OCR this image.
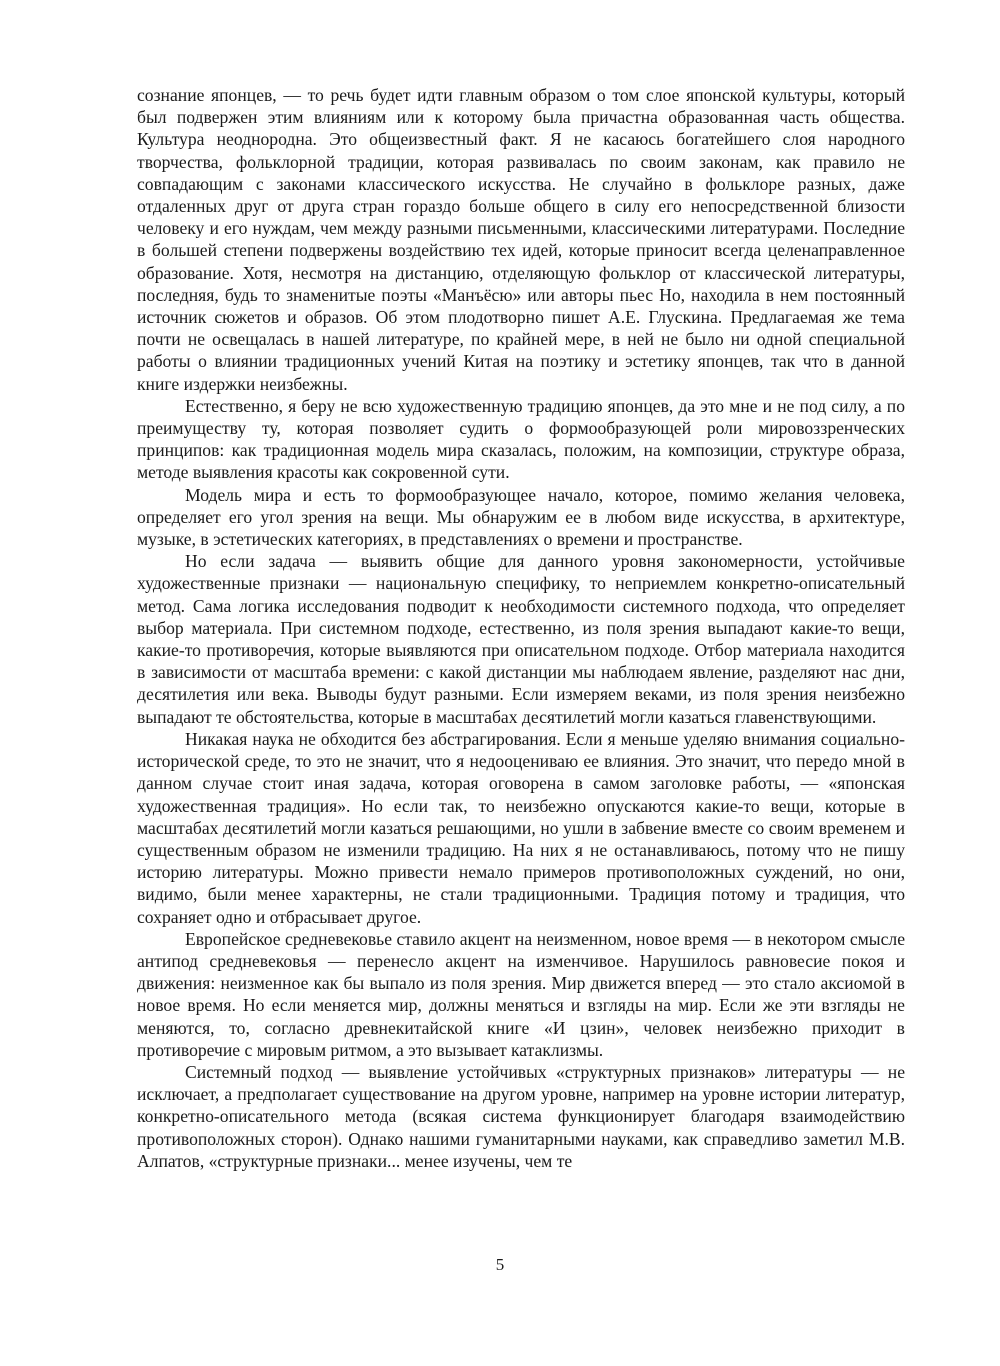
сознание японцев, — то речь будет идти главным образом о том слое японской культуры, который был подвержен этим влияниям или к которому была причастна образованная часть общества. Культура неоднородна. Это общеизвестный факт. Я не касаюсь богатейшего слоя народного творчества, фольклорной традиции, которая развивалась по своим законам, как правило не совпадающим с законами классического искусства. Не случайно в фольклоре разных, даже отдаленных друг от друга стран гораздо больше общего в силу его непосредственной близости человеку и его нуждам, чем между разными письменными, классическими литературами. Последние в большей степени подвержены воздействию тех идей, которые приносит всегда целенаправленное образование. Хотя, несмотря на дистанцию, отделяющую фольклор от классической литературы, последняя, будь то знаменитые поэты «Манъёсю» или авторы пьес Но, находила в нем постоянный источник сюжетов и образов. Об этом плодотворно пишет А.Е. Глускина. Предлагаемая же тема почти не освещалась в нашей литературе, по крайней мере, в ней не было ни одной специальной работы о влиянии традиционных учений Китая на поэтику и эстетику японцев, так что в данной книге издержки неизбежны.

Естественно, я беру не всю художественную традицию японцев, да это мне и не под силу, а по преимуществу ту, которая позволяет судить о формообразующей роли мировоззренческих принципов: как традиционная модель мира сказалась, положим, на композиции, структуре образа, методе выявления красоты как сокровенной сути.

Модель мира и есть то формообразующее начало, которое, помимо желания человека, определяет его угол зрения на вещи. Мы обнаружим ее в любом виде искусства, в архитектуре, музыке, в эстетических категориях, в представлениях о времени и пространстве.

Но если задача — выявить общие для данного уровня закономерности, устойчивые художественные признаки — национальную специфику, то неприемлем конкретно-описательный метод. Сама логика исследования подводит к необходимости системного подхода, что определяет выбор материала. При системном подходе, естественно, из поля зрения выпадают какие-то вещи, какие-то противоречия, которые выявляются при описательном подходе. Отбор материала находится в зависимости от масштаба времени: с какой дистанции мы наблюдаем явление, разделяют нас дни, десятилетия или века. Выводы будут разными. Если измеряем веками, из поля зрения неизбежно выпадают те обстоятельства, которые в масштабах десятилетий могли казаться главенствующими.

Никакая наука не обходится без абстрагирования. Если я меньше уделяю внимания социально-исторической среде, то это не значит, что я недооцениваю ее влияния. Это значит, что передо мной в данном случае стоит иная задача, которая оговорена в самом заголовке работы, — «японская художественная традиция». Но если так, то неизбежно опускаются какие-то вещи, которые в масштабах десятилетий могли казаться решающими, но ушли в забвение вместе со своим временем и существенным образом не изменили традицию. На них я не останавливаюсь, потому что не пишу историю литературы. Можно привести немало примеров противоположных суждений, но они, видимо, были менее характерны, не стали традиционными. Традиция потому и традиция, что сохраняет одно и отбрасывает другое.

Европейское средневековье ставило акцент на неизменном, новое время — в некотором смысле антипод средневековья — перенесло акцент на изменчивое. Нарушилось равновесие покоя и движения: неизменное как бы выпало из поля зрения. Мир движется вперед — это стало аксиомой в новое время. Но если меняется мир, должны меняться и взгляды на мир. Если же эти взгляды не меняются, то, согласно древнекитайской книге «И цзин», человек неизбежно приходит в противоречие с мировым ритмом, а это вызывает катаклизмы.

Системный подход — выявление устойчивых «структурных признаков» литературы — не исключает, а предполагает существование на другом уровне, например на уровне истории литератур, конкретно-описательного метода (всякая система функционирует благодаря взаимодействию противоположных сторон). Однако нашими гуманитарными науками, как справедливо заметил М.В. Алпатов, «структурные признаки... менее изучены, чем те

5
